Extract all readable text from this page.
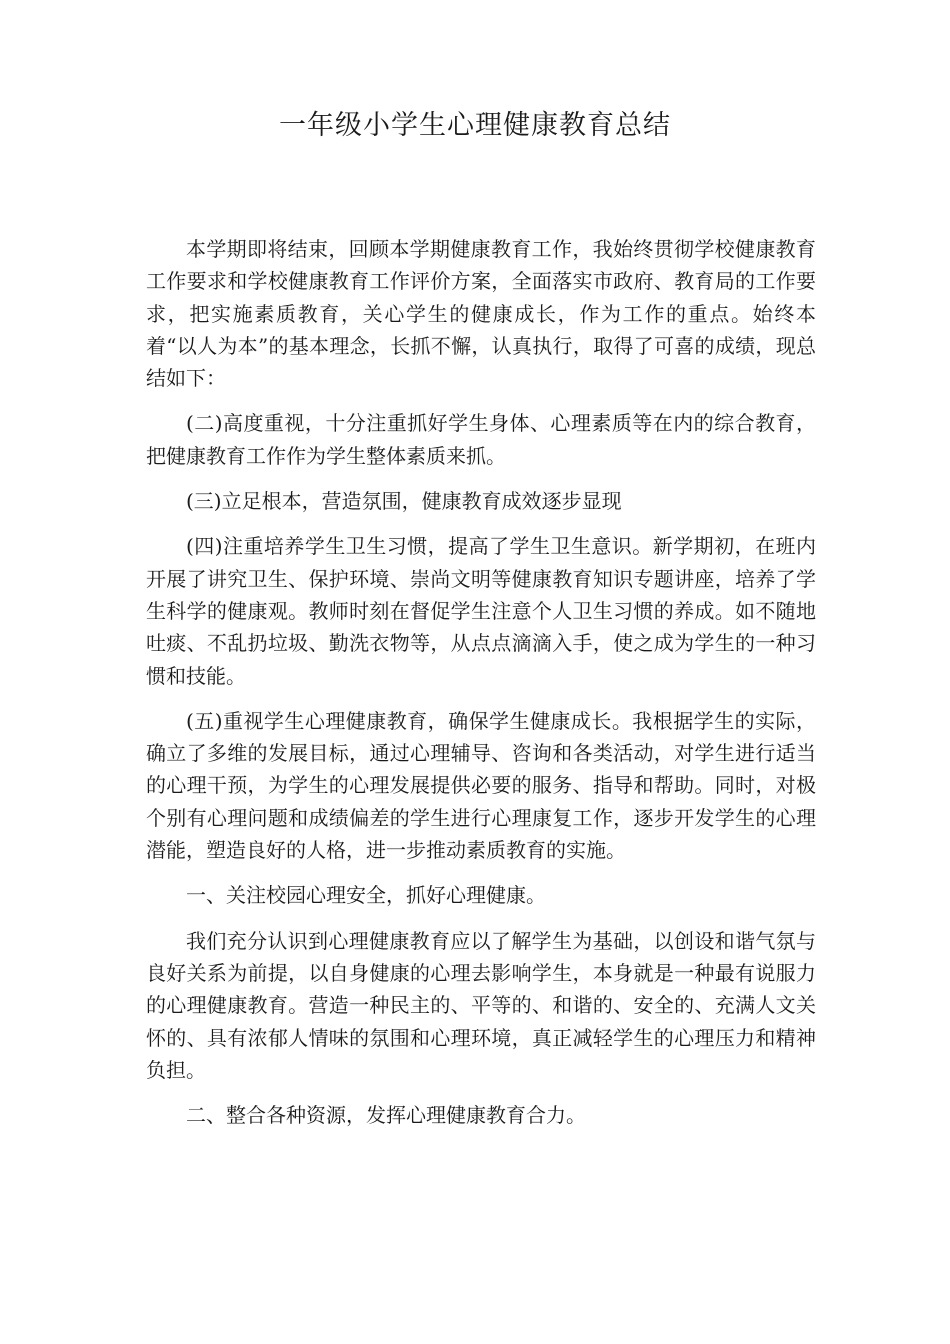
一年级小学生心理健康教育总结

本学期即将结束，回顾本学期健康教育工作，我始终贯彻学校健康教育工作要求和学校健康教育工作评价方案，全面落实市政府、教育局的工作要求，把实施素质教育，关心学生的健康成长，作为工作的重点。始终本着“以人为本”的基本理念，长抓不懈，认真执行，取得了可喜的成绩，现总结如下：

(二)高度重视，十分注重抓好学生身体、心理素质等在内的综合教育，把健康教育工作作为学生整体素质来抓。

(三)立足根本，营造氛围，健康教育成效逐步显现

(四)注重培养学生卫生习惯，提高了学生卫生意识。新学期初，在班内开展了讲究卫生、保护环境、崇尚文明等健康教育知识专题讲座，培养了学生科学的健康观。教师时刻在督促学生注意个人卫生习惯的养成。如不随地吐痰、不乱扔垃圾、勤洗衣物等，从点点滴滴入手，使之成为学生的一种习惯和技能。

(五)重视学生心理健康教育，确保学生健康成长。我根据学生的实际，确立了多维的发展目标，通过心理辅导、咨询和各类活动，对学生进行适当的心理干预，为学生的心理发展提供必要的服务、指导和帮助。同时，对极个别有心理问题和成绩偏差的学生进行心理康复工作，逐步开发学生的心理潜能，塑造良好的人格，进一步推动素质教育的实施。

一、关注校园心理安全，抓好心理健康。

我们充分认识到心理健康教育应以了解学生为基础，以创设和谐气氛与良好关系为前提，以自身健康的心理去影响学生，本身就是一种最有说服力的心理健康教育。营造一种民主的、平等的、和谐的、安全的、充满人文关怀的、具有浓郁人情味的氛围和心理环境，真正减轻学生的心理压力和精神负担。

二、整合各种资源，发挥心理健康教育合力。
